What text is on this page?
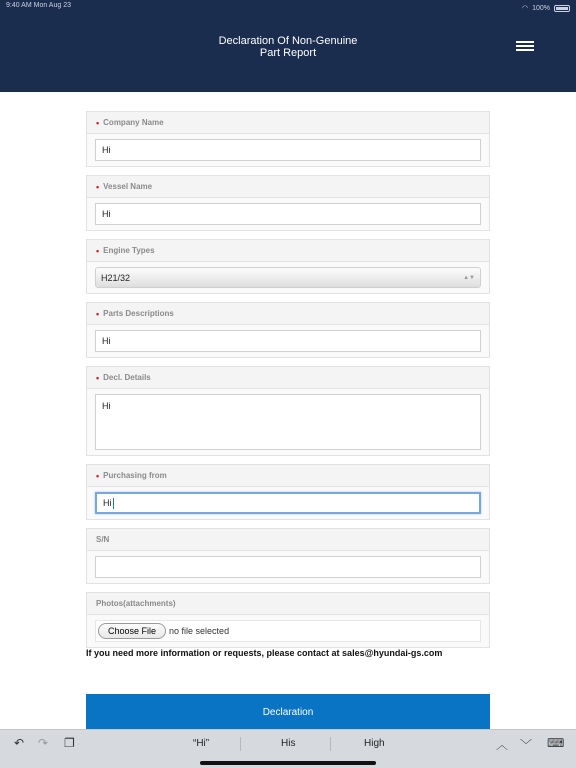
9:40 AM Mon Aug 23	◠ 100%
Declaration Of Non-Genuine
Part Report
• Company Name
Hi
• Vessel Name
Hi
• Engine Types
H21/32	▲▼
• Parts Descriptions
Hi
• Decl. Details
Hi
• Purchasing from
Hi
S/N
Photos(attachments)
Choose File	no file selected
If you need more information or requests, please contact at sales@hyundai-gs.com
Declaration
↶ ↷ ❐	“Hi”	His	High	︿ ﹀ ⌨
